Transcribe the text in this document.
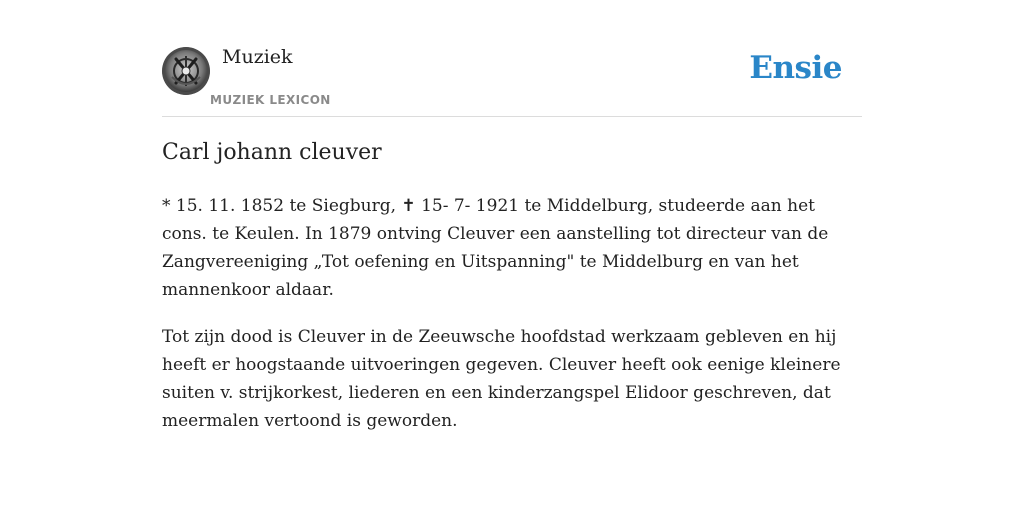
Muziek
MUZIEK LEXICON
Ensie
Carl johann cleuver

* 15. 11. 1852 te Siegburg, ✝ 15- 7- 1921 te Middelburg, studeerde aan het cons. te Keulen. In 1879 ontving Cleuver een aanstelling tot directeur van de Zangvereeniging „Tot oefening en Uitspanning" te Middelburg en van het mannenkoor aldaar.

Tot zijn dood is Cleuver in de Zeeuwsche hoofdstad werkzaam gebleven en hij heeft er hoogstaande uitvoeringen gegeven. Cleuver heeft ook eenige kleinere suiten v. strijkorkest, liederen en een kinderzangspel Elidoor geschreven, dat meermalen vertoond is geworden.
